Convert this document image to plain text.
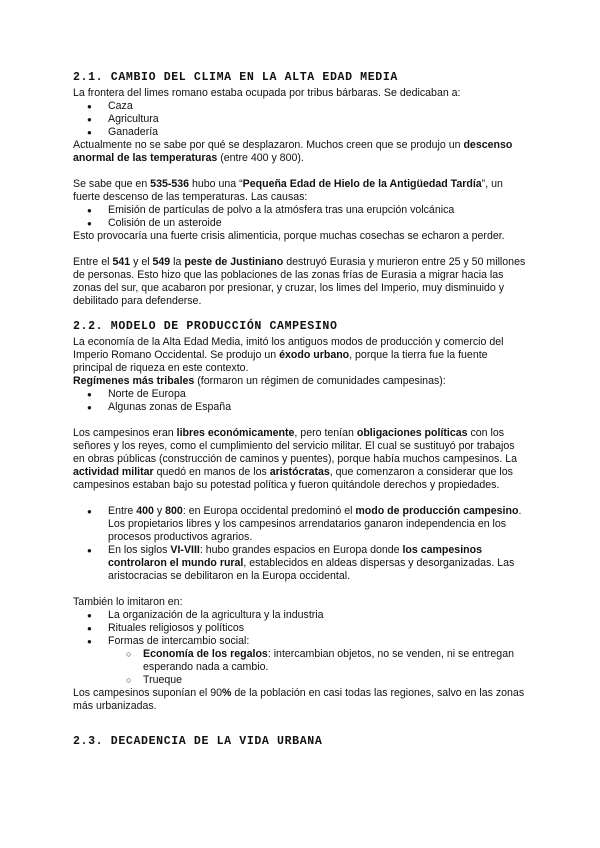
2.1. CAMBIO DEL CLIMA EN LA ALTA EDAD MEDIA

La frontera del limes romano estaba ocupada por tribus bárbaras. Se dedicaban a:

● Caza
● Agricultura
● Ganadería

Actualmente no se sabe por qué se desplazaron. Muchos creen que se produjo un descenso anormal de las temperaturas (entre 400 y 800).

Se sabe que en 535-536 hubo una “Pequeña Edad de Hielo de la Antigüedad Tardía”, un fuerte descenso de las temperaturas. Las causas:

● Emisión de partículas de polvo a la atmósfera tras una erupción volcánica
● Colisión de un asteroide

Esto provocaría una fuerte crisis alimenticia, porque muchas cosechas se echaron a perder.

Entre el 541 y el 549 la peste de Justiniano destruyó Eurasia y murieron entre 25 y 50 millones de personas. Esto hizo que las poblaciones de las zonas frías de Eurasia a migrar hacia las zonas del sur, que acabaron por presionar, y cruzar, los limes del Imperio, muy disminuido y debilitado para defenderse.

2.2. MODELO DE PRODUCCIÓN CAMPESINO

La economía de la Alta Edad Media, imitó los antiguos modos de producción y comercio del Imperio Romano Occidental. Se produjo un éxodo urbano, porque la tierra fue la fuente principal de riqueza en este contexto.

Regímenes más tribales (formaron un régimen de comunidades campesinas):

● Norte de Europa
● Algunas zonas de España

Los campesinos eran libres económicamente, pero tenían obligaciones políticas con los señores y los reyes, como el cumplimiento del servicio militar. El cual se sustituyó por trabajos en obras públicas (construcción de caminos y puentes), porque había muchos campesinos. La actividad militar quedó en manos de los aristócratas, que comenzaron a considerar que los campesinos estaban bajo su potestad política y fueron quitándole derechos y propiedades.

● Entre 400 y 800: en Europa occidental predominó el modo de producción campesino. Los propietarios libres y los campesinos arrendatarios ganaron independencia en los procesos productivos agrarios.
● En los siglos VI-VIII: hubo grandes espacios en Europa donde los campesinos controlaron el mundo rural, establecidos en aldeas dispersas y desorganizadas. Las aristocracias se debilitaron en la Europa occidental.

También lo imitaron en:

● La organización de la agricultura y la industria
● Rituales religiosos y políticos
● Formas de intercambio social:
○ Economía de los regalos: intercambian objetos, no se venden, ni se entregan esperando nada a cambio.
○ Trueque

Los campesinos suponían el 90% de la población en casi todas las regiones, salvo en las zonas más urbanizadas.

2.3. DECADENCIA DE LA VIDA URBANA
